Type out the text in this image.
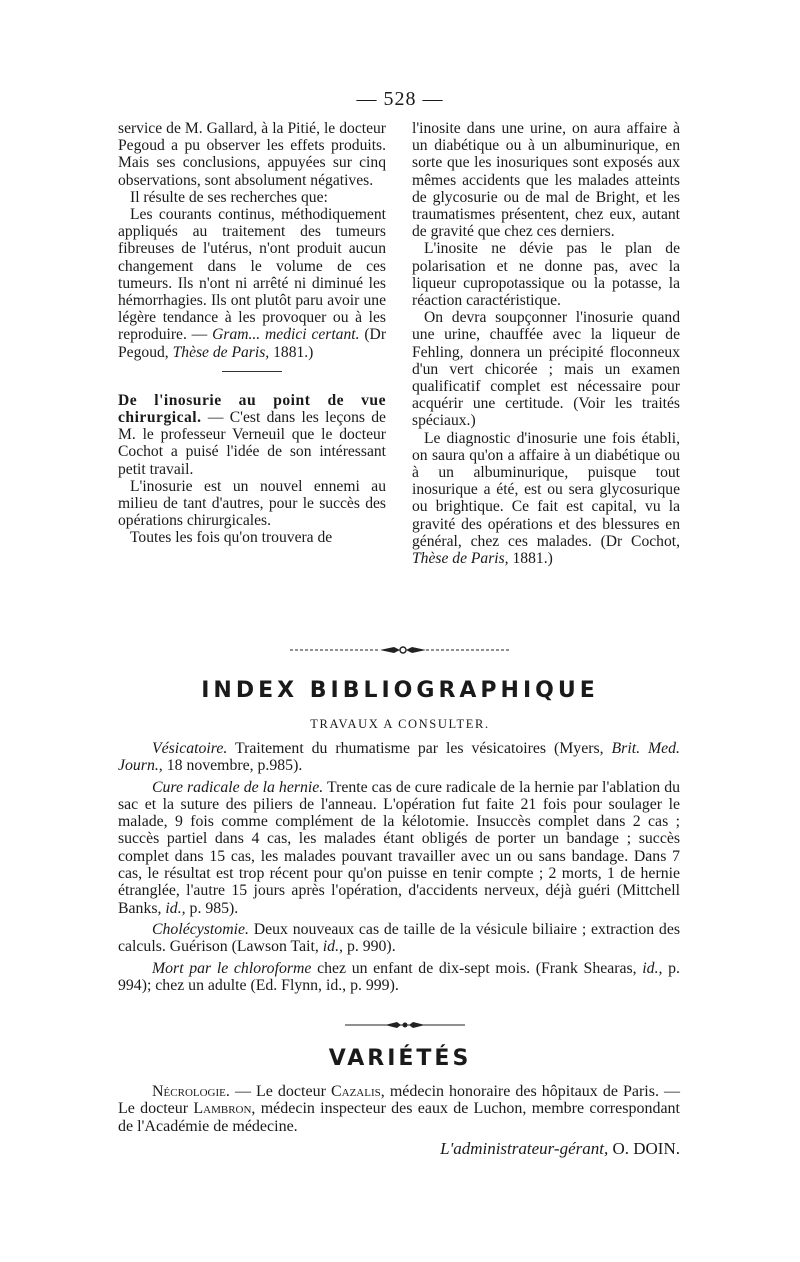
— 528 —

service de M. Gallard, à la Pitié, le docteur Pegoud a pu observer les effets produits. Mais ses conclusions, appuyées sur cinq observations, sont absolument négatives.

Il résulte de ses recherches que:

Les courants continus, méthodiquement appliqués au traitement des tumeurs fibreuses de l'utérus, n'ont produit aucun changement dans le volume de ces tumeurs. Ils n'ont ni arrêté ni diminué les hémorrhagies. Ils ont plutôt paru avoir une légère tendance à les provoquer ou à les reproduire. — Gram... medici certant. (Dr Pegoud, Thèse de Paris, 1881.)

De l'inosurie au point de vue chirurgical. — C'est dans les leçons de M. le professeur Verneuil que le docteur Cochot a puisé l'idée de son intéressant petit travail.

L'inosurie est un nouvel ennemi au milieu de tant d'autres, pour le succès des opérations chirurgicales.

Toutes les fois qu'on trouvera de

l'inosite dans une urine, on aura affaire à un diabétique ou à un albuminurique, en sorte que les inosuriques sont exposés aux mêmes accidents que les malades atteints de glycosurie ou de mal de Bright, et les traumatismes présentent, chez eux, autant de gravité que chez ces derniers.

L'inosite ne dévie pas le plan de polarisation et ne donne pas, avec la liqueur cupropotassique ou la potasse, la réaction caractéristique.

On devra soupçonner l'inosurie quand une urine, chauffée avec la liqueur de Fehling, donnera un précipité floconneux d'un vert chicorée ; mais un examen qualificatif complet est nécessaire pour acquérir une certitude. (Voir les traités spéciaux.)

Le diagnostic d'inosurie une fois établi, on saura qu'on a affaire à un diabétique ou à un albuminurique, puisque tout inosurique a été, est ou sera glycosurique ou brightique. Ce fait est capital, vu la gravité des opérations et des blessures en général, chez ces malades. (Dr Cochot, Thèse de Paris, 1881.)

INDEX BIBLIOGRAPHIQUE
TRAVAUX A CONSULTER.

Vésicatoire. Traitement du rhumatisme par les vésicatoires (Myers, Brit. Med. Journ., 18 novembre, p.985).

Cure radicale de la hernie. Trente cas de cure radicale de la hernie par l'ablation du sac et la suture des piliers de l'anneau. L'opération fut faite 21 fois pour soulager le malade, 9 fois comme complément de la kélotomie. Insuccès complet dans 2 cas ; succès partiel dans 4 cas, les malades étant obligés de porter un bandage ; succès complet dans 15 cas, les malades pouvant travailler avec un ou sans bandage. Dans 7 cas, le résultat est trop récent pour qu'on puisse en tenir compte ; 2 morts, 1 de hernie étranglée, l'autre 15 jours après l'opération, d'accidents nerveux, déjà guéri (Mittchell Banks, id., p. 985).

Cholécystomie. Deux nouveaux cas de taille de la vésicule biliaire ; extraction des calculs. Guérison (Lawson Tait, id., p. 990).

Mort par le chloroforme chez un enfant de dix-sept mois. (Frank Shearas, id., p. 994); chez un adulte (Ed. Flynn, id., p. 999).

VARIÉTÉS

Nécrologie. — Le docteur Cazalis, médecin honoraire des hôpitaux de Paris. — Le docteur Lambron, médecin inspecteur des eaux de Luchon, membre correspondant de l'Académie de médecine.

L'administrateur-gérant, O. DOIN.
